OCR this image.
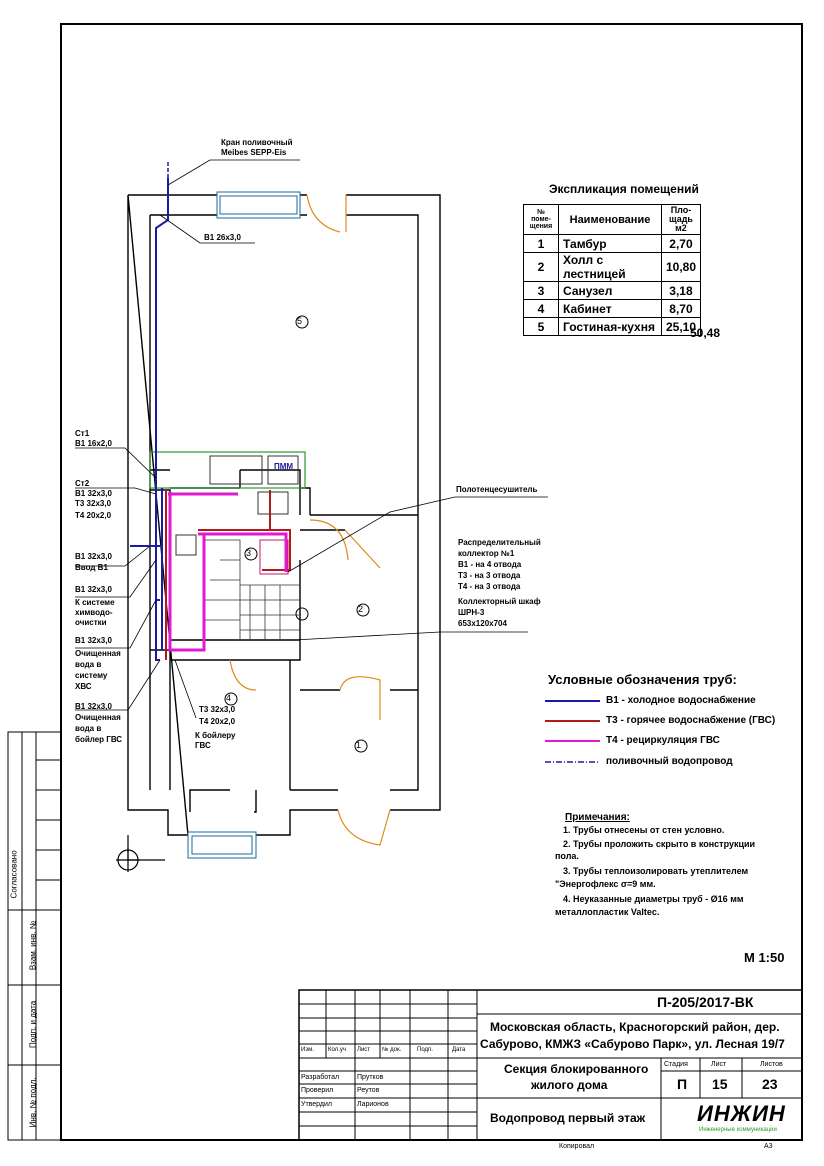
Кран поливочный
Meibes SEPP-Eis
В1 26х3,0
5
Ст1
В1 16х2,0
Ст2
В1 32х3,0
Т3 32х3,0
Т4 20х2,0
В1 32х3,0
Ввод В1
В1 32х3,0
К системе
химводо-
очистки
В1 32х3,0
Очищенная
вода в
систему
ХВС
В1 32х3,0
Очищенная
вода в
бойлер ГВС
Т3 32х3,0
Т4 20х2,0
К бойлеру
ГВС
ПММ
3
2
4
1
Полотенцесушитель
Распределительный
коллектор №1
В1 - на 4 отвода
Т3 - на 3 отвода
Т4 - на 3 отвода
Коллекторный шкаф
ШРН-3
653х120х704
Экспликация помещений
№ поме-щения	Наименование	Пло-щадь м2
1	Тамбур	2,70
2	Холл с лестницей	10,80
3	Санузел	3,18
4	Кабинет	8,70
5	Гостиная-кухня	25,10
50,48
Условные обозначения труб:
В1 - холодное водоснабжение
Т3 - горячее водоснабжение (ГВС)
Т4 - рециркуляция ГВС
поливочный водопровод
Примечания:
1. Трубы отнесены от стен условно.
2. Трубы проложить скрыто в конструкции
пола.
3. Трубы теплоизолировать утеплителем
"Энергофлекс σ=9 мм.
4. Неуказанные диаметры труб - Ø16 мм
металлопластик Valtec.
М 1:50
П-205/2017-ВК
Московская область, Красногорский район, дер.
Сабурово, КМЖЗ «Сабурово Парк», ул. Лесная 19/7
Изм. Кол.уч Лист № док.	Подп.	Дата
Разработал	Прутков
Проверил	Реутов
Утвердил	Ларионов
Секция блокированного
жилого дома
Водопровод первый этаж
Стадия	Лист	Листов
П 15 23
ИНЖИН
Инженерные коммуникации
Копировал	А3
Согласовано
Взам. инв. №
Подп. и дата
Инв. № подл.
